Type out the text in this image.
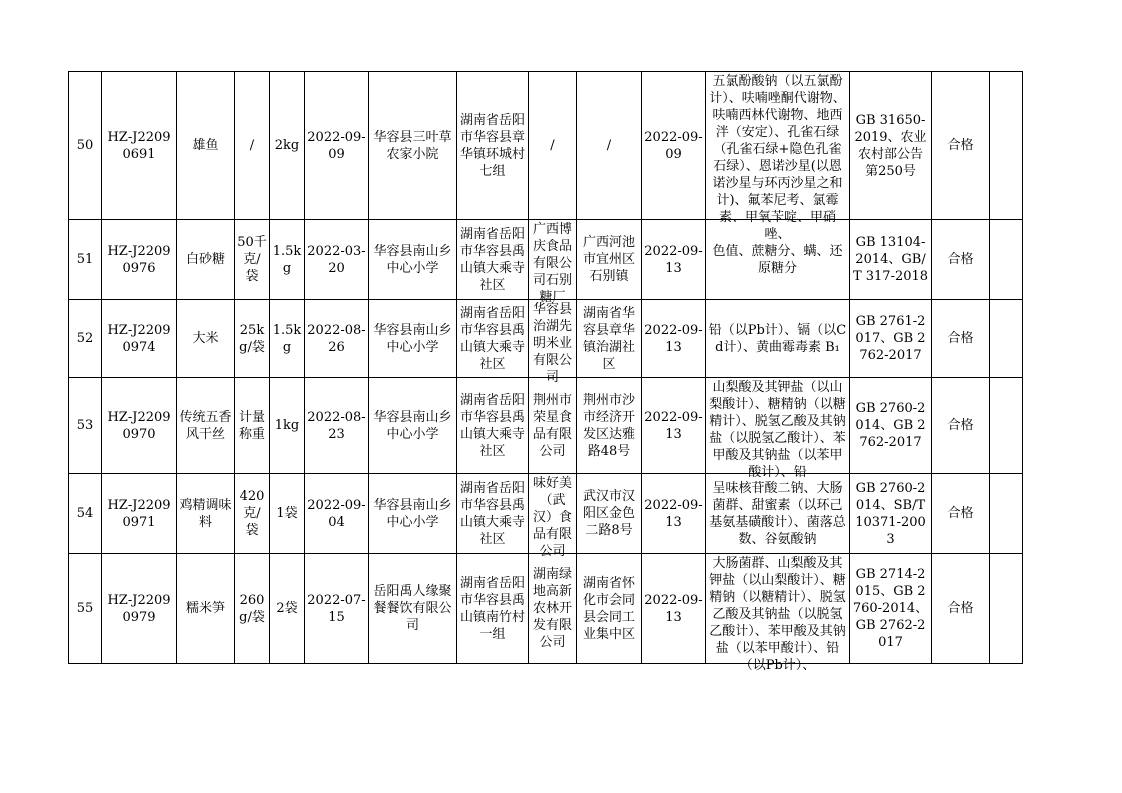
50	HZ-J22090691	雄鱼	/	2kg	2022-09-09	华容县三叶草农家小院	湖南省岳阳市华容县章华镇环城村七组	/	/	2022-09-09	五氯酚酸钠（以五氯酚计）、呋喃唑酮代谢物、呋喃西林代谢物、地西泮（安定）、孔雀石绿（孔雀石绿+隐色孔雀石绿）、恩诺沙星(以恩诺沙星与环丙沙星之和计)、氟苯尼考、氯霉素、甲氧苄啶、甲硝唑、	GB 31650-2019、农业农村部公告第250号	合格	

51	HZ-J22090976	白砂糖	50千克/袋	1.5kg	2022-03-20	华容县南山乡中心小学	湖南省岳阳市华容县禹山镇大乘寺社区	广西博庆食品有限公司石别糖厂	广西河池市宜州区石别镇	2022-09-13	色值、蔗糖分、螨、还原糖分	GB 13104-2014、GB/T 317-2018	合格	

52	HZ-J22090974	大米	25kg/袋	1.5kg	2022-08-26	华容县南山乡中心小学	湖南省岳阳市华容县禹山镇大乘寺社区	华容县治湖先明米业有限公司	湖南省华容县章华镇治湖社区	2022-09-13	铅（以Pb计）、镉（以Cd计）、黄曲霉毒素 B₁	GB 2761-2017、GB 2762-2017	合格	

53	HZ-J22090970	传统五香风干丝	计量称重	1kg	2022-08-23	华容县南山乡中心小学	湖南省岳阳市华容县禹山镇大乘寺社区	荆州市荣星食品有限公司	荆州市沙市经济开发区达雅路48号	2022-09-13	山梨酸及其钾盐（以山梨酸计）、糖精钠（以糖精计）、脱氢乙酸及其钠盐（以脱氢乙酸计）、苯甲酸及其钠盐（以苯甲酸计）、铅	GB 2760-2014、GB 2762-2017	合格	

54	HZ-J22090971	鸡精调味料	420克/袋	1袋	2022-09-04	华容县南山乡中心小学	湖南省岳阳市华容县禹山镇大乘寺社区	味好美（武汉）食品有限公司	武汉市汉阳区金色二路8号	2022-09-13	呈味核苷酸二钠、大肠菌群、甜蜜素（以环己基氨基磺酸计）、菌落总数、谷氨酸钠	GB 2760-2014、SB/T 10371-2003	合格	

55	HZ-J22090979	糯米笋	260g/袋	2袋	2022-07-15	岳阳禹人缘聚餐餐饮有限公司	湖南省岳阳市华容县禹山镇南竹村一组	湖南绿地高新农林开发有限公司	湖南省怀化市会同县会同工业集中区	2022-09-13	大肠菌群、山梨酸及其钾盐（以山梨酸计）、糖精钠（以糖精计）、脱氢乙酸及其钠盐（以脱氢乙酸计）、苯甲酸及其钠盐（以苯甲酸计）、铅（以Pb计）、	GB 2714-2015、GB 2760-2014、GB 2762-2017	合格	
